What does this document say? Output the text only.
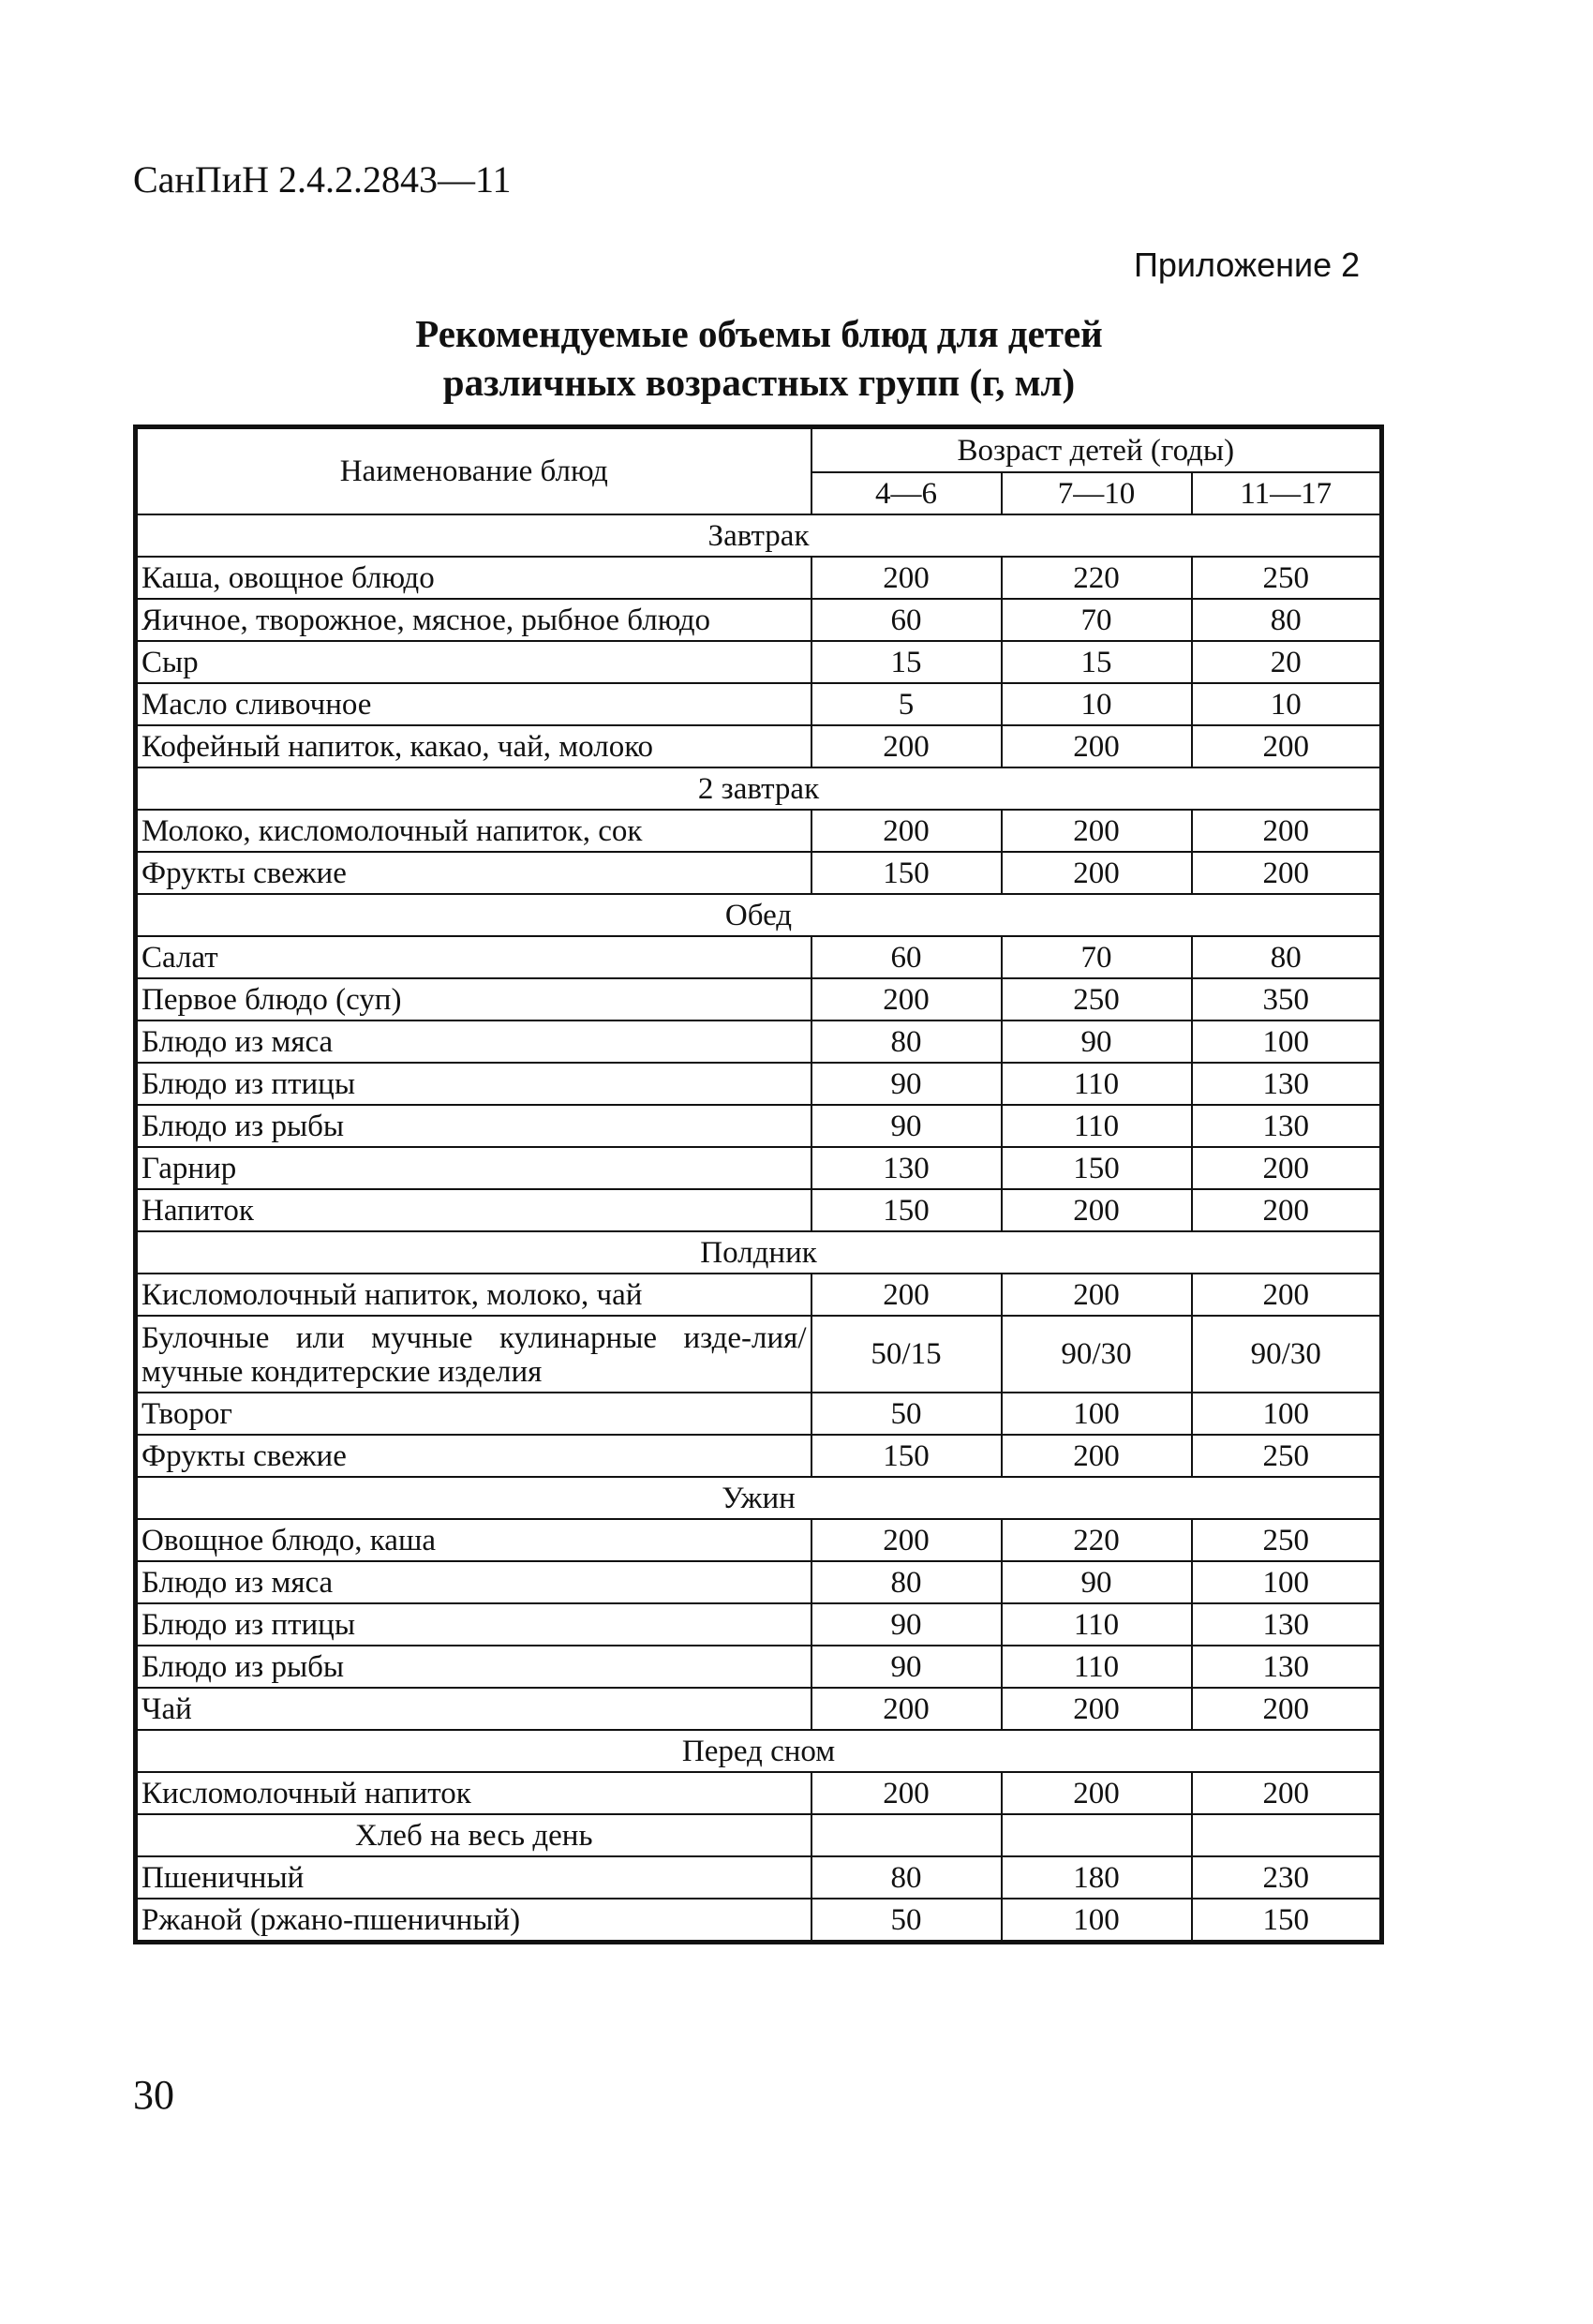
СанПиН 2.4.2.2843—11
Приложение 2
Рекомендуемые объемы блюд для детей
различных возрастных групп (г, мл)
Наименование блюд	Возраст детей (годы)		
	4—6	7—10	11—17
Завтрак			
Каша, овощное блюдо	200	220	250
Яичное, творожное, мясное, рыбное блюдо	60	70	80
Сыр	15	15	20
Масло сливочное	5	10	10
Кофейный напиток, какао, чай, молоко	200	200	200
2 завтрак			
Молоко, кисломолочный напиток, сок	200	200	200
Фрукты свежие	150	200	200
Обед			
Салат	60	70	80
Первое блюдо (суп)	200	250	350
Блюдо из мяса	80	90	100
Блюдо из птицы	90	110	130
Блюдо из рыбы	90	110	130
Гарнир	130	150	200
Напиток	150	200	200
Полдник			
Кисломолочный напиток, молоко, чай	200	200	200
Булочные или мучные кулинарные изде-лия/мучные кондитерские изделия	50/15	90/30	90/30
Творог	50	100	100
Фрукты свежие	150	200	250
Ужин			
Овощное блюдо, каша	200	220	250
Блюдо из мяса	80	90	100
Блюдо из птицы	90	110	130
Блюдо из рыбы	90	110	130
Чай	200	200	200
Перед сном			
Кисломолочный напиток	200	200	200
Хлеб на весь день			
Пшеничный	80	180	230
Ржаной (ржано-пшеничный)	50	100	150
30
